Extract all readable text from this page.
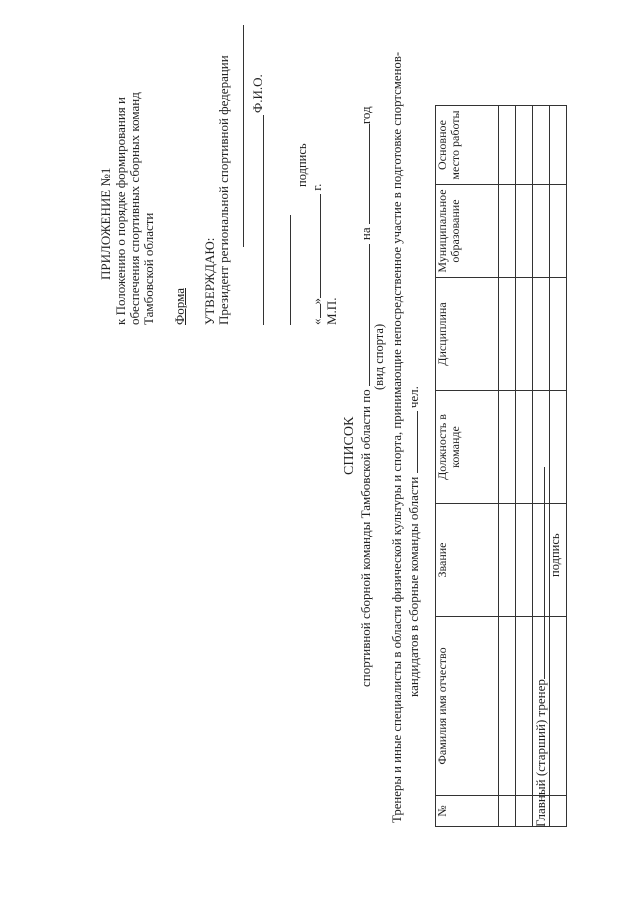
ПРИЛОЖЕНИЕ №1 к Положению о порядке формирования и обеспечения спортивных сборных команд Тамбовской области Форма УТВЕРЖДАЮ: Президент региональной спортивной федерации Ф.И.О.
подпись
«» г.
М.П.
СПИСОК спортивной сборной команды Тамбовской области по на год
(вид спорта) Тренеры и иные специалисты в области физической культуры и спорта, принимающие непосредственное участие в подготовке спортсменов- кандидатов в сборные команды области  чел.
№	Фамилия имя отчество	Звание	Должность в команде	Дисциплина	Муниципальное образование	Основное место работы

Главный (старший) тренер
подпись
